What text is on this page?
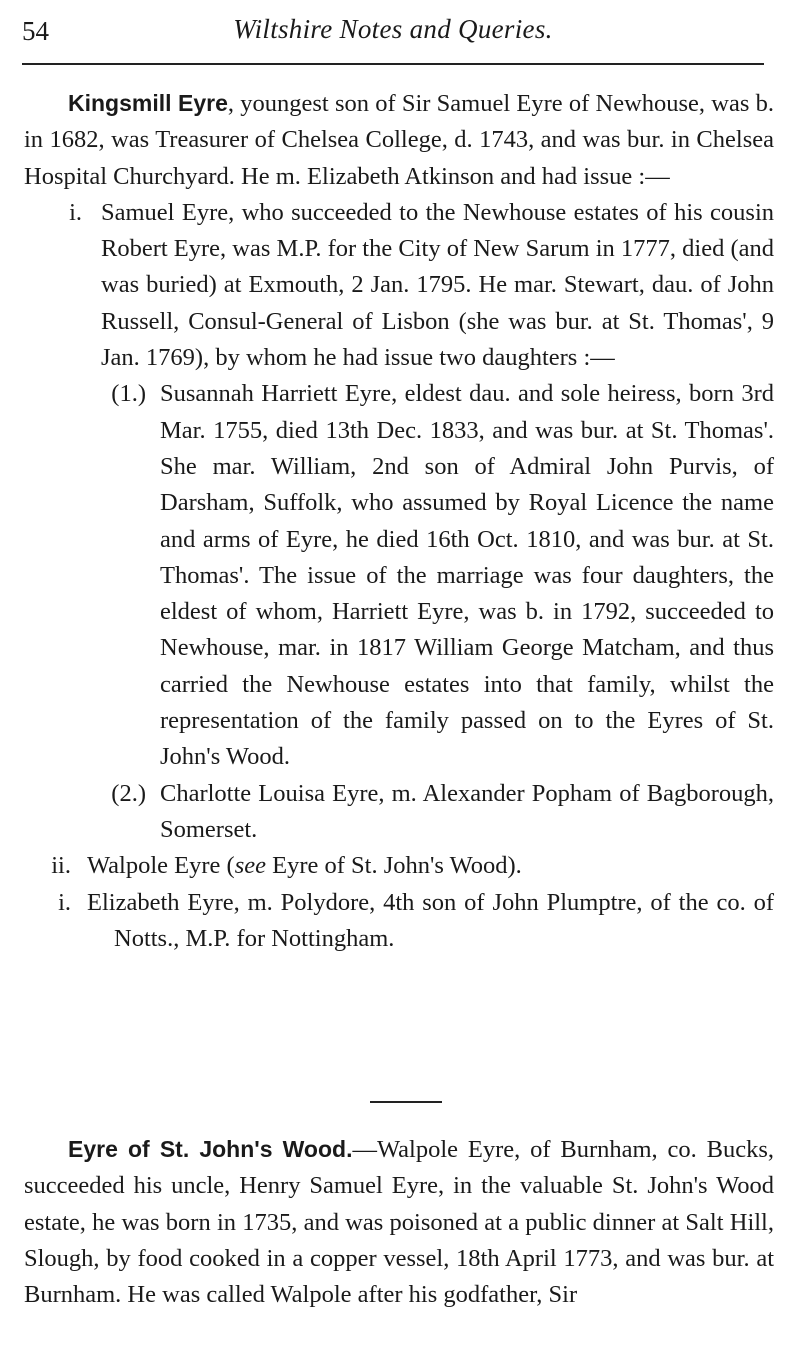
54	Wiltshire Notes and Queries.

Kingsmill Eyre, youngest son of Sir Samuel Eyre of Newhouse, was b. in 1682, was Treasurer of Chelsea College, d. 1743, and was bur. in Chelsea Hospital Churchyard. He m. Elizabeth Atkinson and had issue :—

i. Samuel Eyre, who succeeded to the Newhouse estates of his cousin Robert Eyre, was M.P. for the City of New Sarum in 1777, died (and was buried) at Exmouth, 2 Jan. 1795. He mar. Stewart, dau. of John Russell, Consul-General of Lisbon (she was bur. at St. Thomas', 9 Jan. 1769), by whom he had issue two daughters :—

(1.) Susannah Harriett Eyre, eldest dau. and sole heiress, born 3rd Mar. 1755, died 13th Dec. 1833, and was bur. at St. Thomas'. She mar. William, 2nd son of Admiral John Purvis, of Darsham, Suffolk, who assumed by Royal Licence the name and arms of Eyre, he died 16th Oct. 1810, and was bur. at St. Thomas'. The issue of the marriage was four daughters, the eldest of whom, Harriett Eyre, was b. in 1792, succeeded to Newhouse, mar. in 1817 William George Matcham, and thus carried the Newhouse estates into that family, whilst the representation of the family passed on to the Eyres of St. John's Wood.

(2.) Charlotte Louisa Eyre, m. Alexander Popham of Bagborough, Somerset.

ii. Walpole Eyre (see Eyre of St. John's Wood).

i. Elizabeth Eyre, m. Polydore, 4th son of John Plumptre, of the co. of Notts., M.P. for Nottingham.

Eyre of St. John's Wood.—Walpole Eyre, of Burnham, co. Bucks, succeeded his uncle, Henry Samuel Eyre, in the valuable St. John's Wood estate, he was born in 1735, and was poisoned at a public dinner at Salt Hill, Slough, by food cooked in a copper vessel, 18th April 1773, and was bur. at Burnham. He was called Walpole after his godfather, Sir
